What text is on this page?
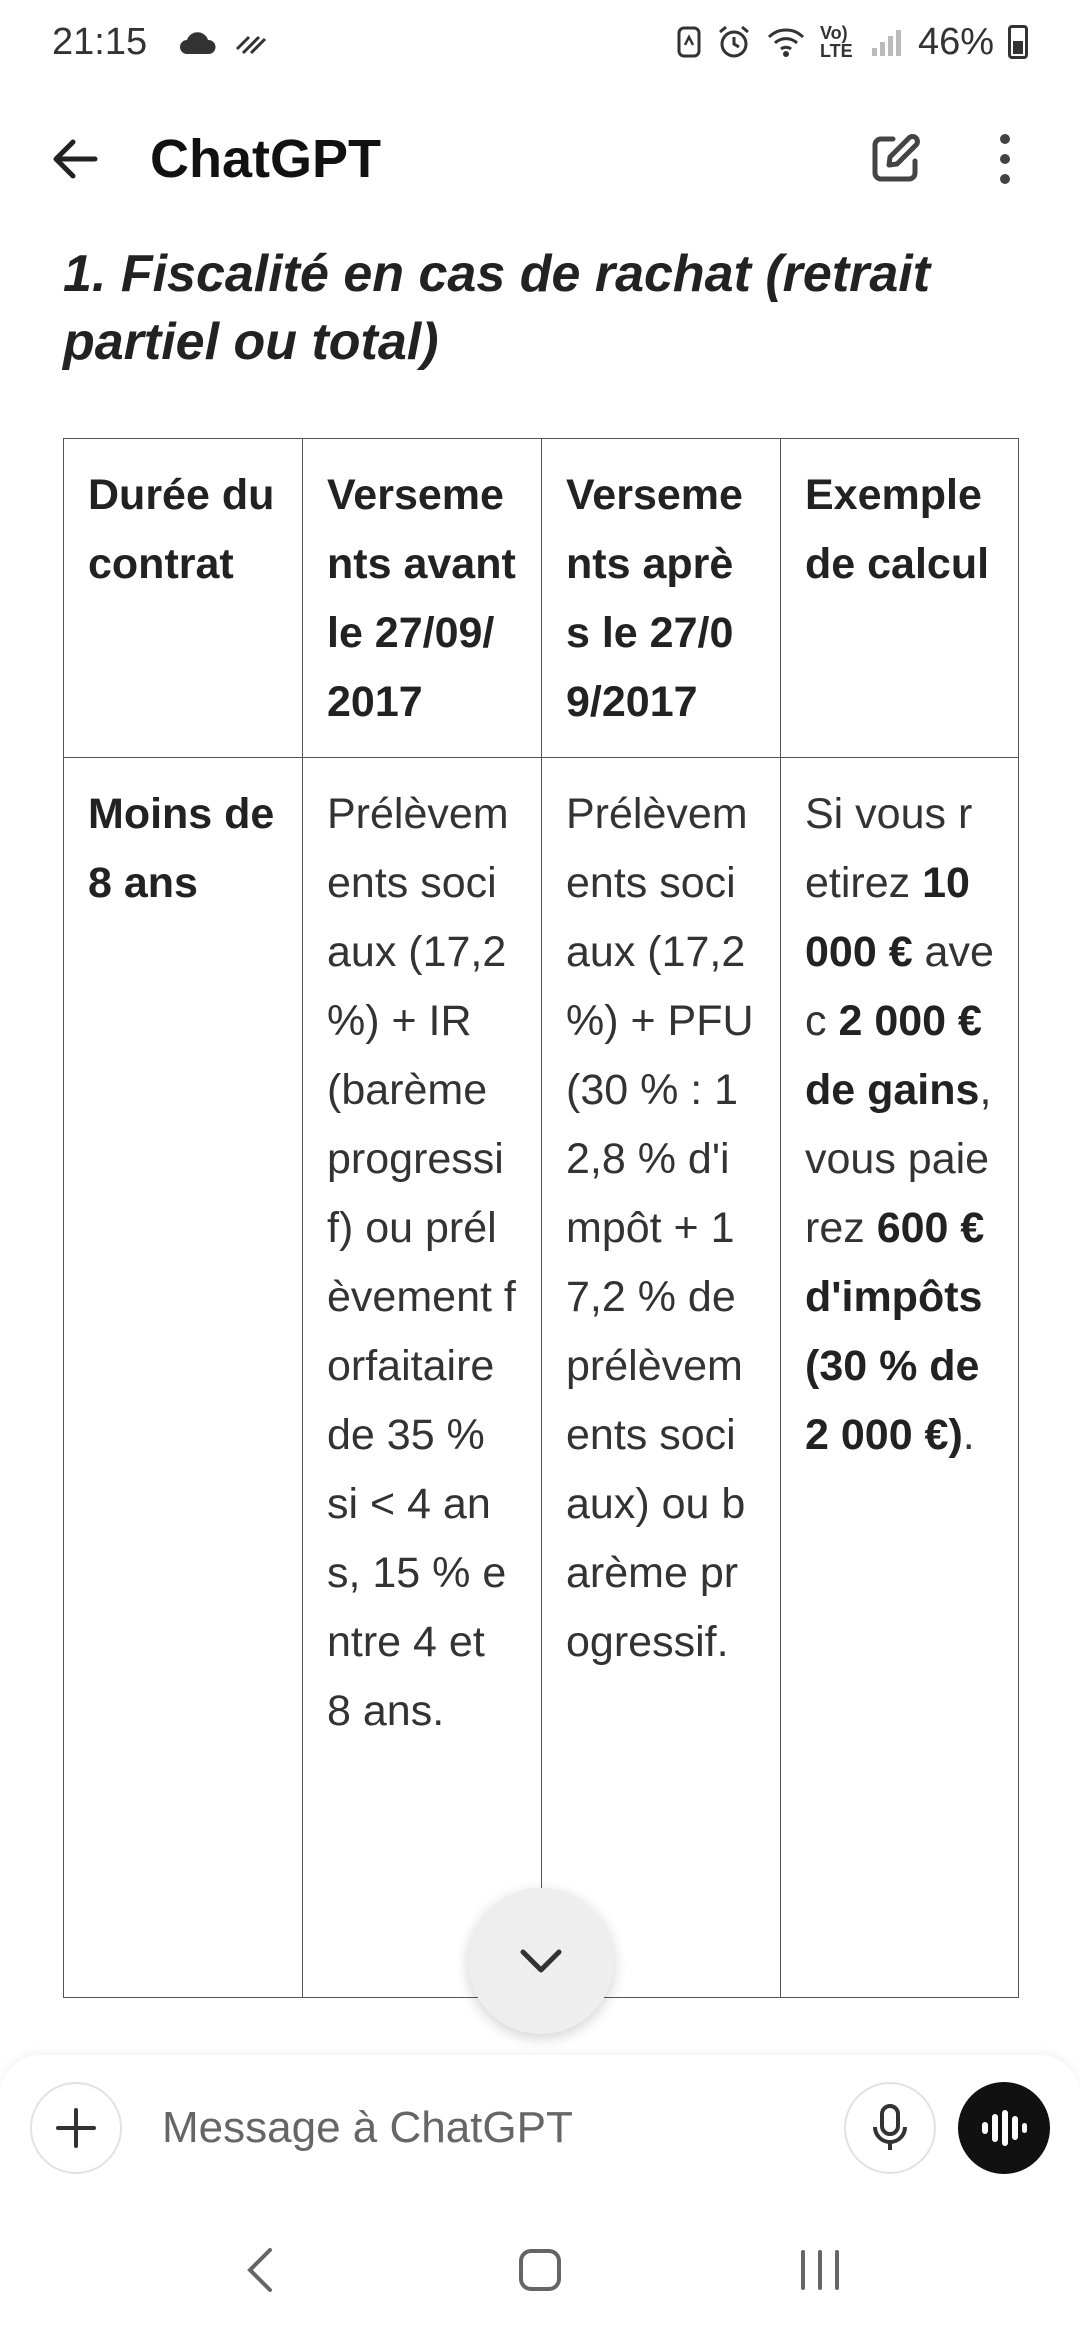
21:15	Vo) LTE 46%
ChatGPT
1. Fiscalité en cas de rachat (retrait partiel ou total)
Durée du contrat	Versements avant le 27/09/2017	Versements après le 27/09/2017	Exemple de calcul
Moins de 8 ans	Prélèvements sociaux (17,2 %) + IR (barème progressif) ou prélèvement forfaitaire de 35 % si < 4 ans, 15 % entre 4 et 8 ans.	Prélèvements sociaux (17,2 %) + PFU (30 % : 12,8 % d'impôt + 17,2 % de prélèvements sociaux) ou barème progressif.	Si vous retirez 10 000 € avec 2 000 € de gains, vous paierez 600 € d'impôts (30 % de 2 000 €).
Message à ChatGPT
